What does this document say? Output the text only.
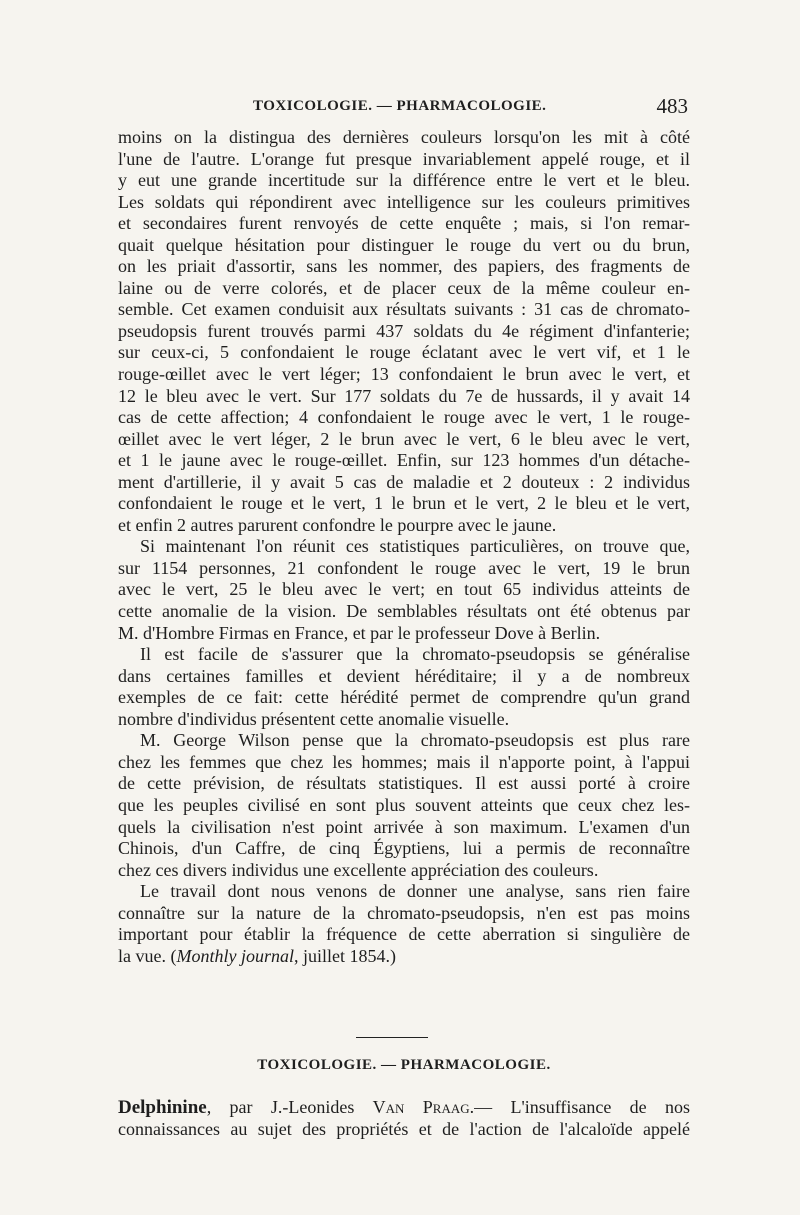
TOXICOLOGIE. — PHARMACOLOGIE.	483
moins on la distingua des dernières couleurs lorsqu'on les mit à côté
l'une de l'autre. L'orange fut presque invariablement appelé rouge, et il
y eut une grande incertitude sur la différence entre le vert et le bleu.
Les soldats qui répondirent avec intelligence sur les couleurs primitives
et secondaires furent renvoyés de cette enquête ; mais, si l'on remar-
quait quelque hésitation pour distinguer le rouge du vert ou du brun,
on les priait d'assortir, sans les nommer, des papiers, des fragments de
laine ou de verre colorés, et de placer ceux de la même couleur en-
semble. Cet examen conduisit aux résultats suivants : 31 cas de chromato-
pseudopsis furent trouvés parmi 437 soldats du 4e régiment d'infanterie;
sur ceux-ci, 5 confondaient le rouge éclatant avec le vert vif, et 1 le
rouge-œillet avec le vert léger; 13 confondaient le brun avec le vert, et
12 le bleu avec le vert. Sur 177 soldats du 7e de hussards, il y avait 14
cas de cette affection; 4 confondaient le rouge avec le vert, 1 le rouge-
œillet avec le vert léger, 2 le brun avec le vert, 6 le bleu avec le vert,
et 1 le jaune avec le rouge-œillet. Enfin, sur 123 hommes d'un détache-
ment d'artillerie, il y avait 5 cas de maladie et 2 douteux : 2 individus
confondaient le rouge et le vert, 1 le brun et le vert, 2 le bleu et le vert,
et enfin 2 autres parurent confondre le pourpre avec le jaune.
Si maintenant l'on réunit ces statistiques particulières, on trouve que,
sur 1154 personnes, 21 confondent le rouge avec le vert, 19 le brun
avec le vert, 25 le bleu avec le vert; en tout 65 individus atteints de
cette anomalie de la vision. De semblables résultats ont été obtenus par
M. d'Hombre Firmas en France, et par le professeur Dove à Berlin.
Il est facile de s'assurer que la chromato-pseudopsis se généralise
dans certaines familles et devient héréditaire; il y a de nombreux
exemples de ce fait: cette hérédité permet de comprendre qu'un grand
nombre d'individus présentent cette anomalie visuelle.
M. George Wilson pense que la chromato-pseudopsis est plus rare
chez les femmes que chez les hommes; mais il n'apporte point, à l'appui
de cette prévision, de résultats statistiques. Il est aussi porté à croire
que les peuples civilisé en sont plus souvent atteints que ceux chez les-
quels la civilisation n'est point arrivée à son maximum. L'examen d'un
Chinois, d'un Caffre, de cinq Égyptiens, lui a permis de reconnaître
chez ces divers individus une excellente appréciation des couleurs.
Le travail dont nous venons de donner une analyse, sans rien faire
connaître sur la nature de la chromato-pseudopsis, n'en est pas moins
important pour établir la fréquence de cette aberration si singulière de
la vue. (Monthly journal, juillet 1854.)
TOXICOLOGIE. — PHARMACOLOGIE.
Delphinine, par J.-Leonides Van Praag.— L'insuffisance de nos
connaissances au sujet des propriétés et de l'action de l'alcaloïde appelé
